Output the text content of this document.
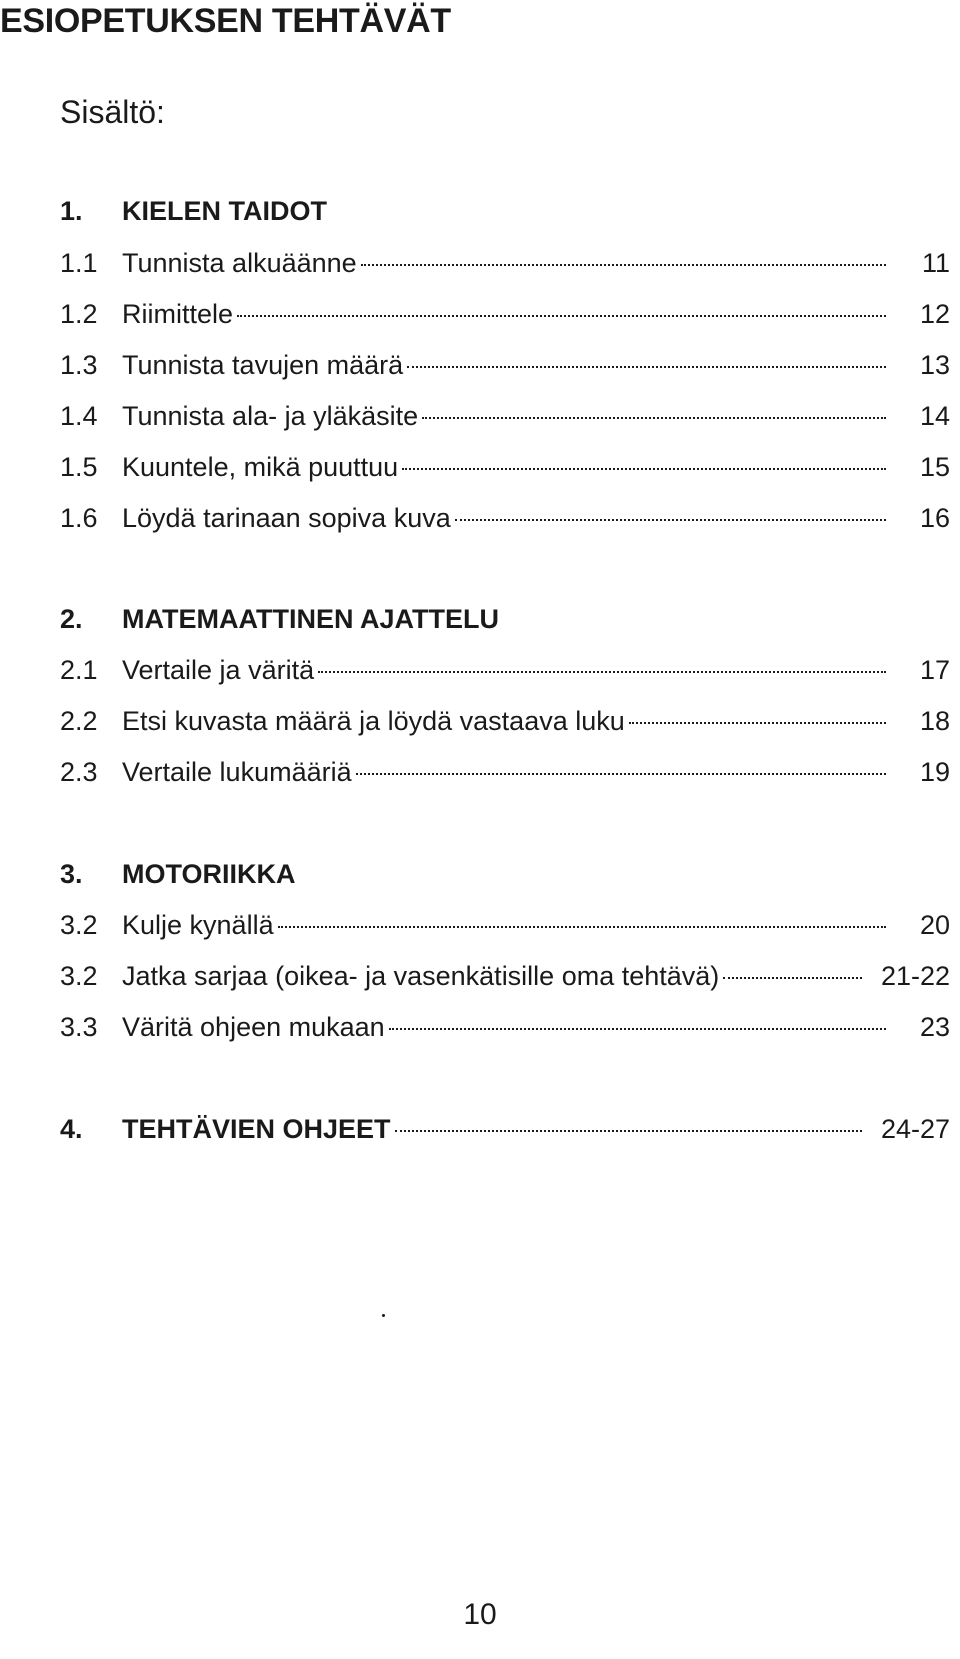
ESIOPETUKSEN TEHTÄVÄT
Sisältö:
1.	KIELEN TAIDOT
1.1 Tunnista alkuäänne	11
1.2 Riimittele	12
1.3 Tunnista tavujen määrä	13
1.4 Tunnista ala- ja yläkäsite	14
1.5 Kuuntele, mikä puuttuu	15
1.6 Löydä tarinaan sopiva kuva	16
2.	MATEMAATTINEN AJATTELU
2.1 Vertaile ja väritä	17
2.2 Etsi kuvasta määrä ja löydä vastaava luku	18
2.3 Vertaile lukumääriä	19
3.	MOTORIIKKA
3.2 Kulje kynällä	20
3.2 Jatka sarjaa (oikea- ja vasenkätisille oma tehtävä)	21-22
3.3 Väritä ohjeen mukaan	23
4.	TEHTÄVIEN OHJEET	24-27
10
